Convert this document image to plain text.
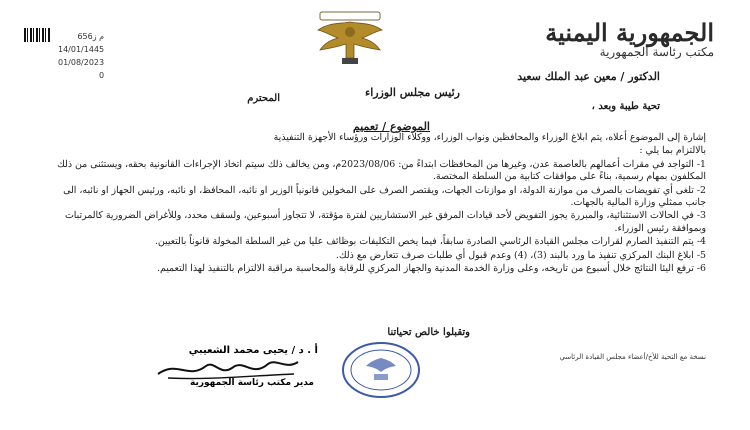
656م ز
14/01/1445
01/08/2023
0
الجمهورية اليمنية
مكتب رئاسة الجمهورية
الدكتور / معين عبد الملك سعيد
رئيس مجلس الوزراء
المحترم
تحية طيبة وبعد ،
الموضوع / تعميم

إشارة إلى الموضوع أعلاه، يتم ابلاغ الوزراء والمحافظين ونواب الوزراء، ووكلاء الوزارات ورؤساء الأجهزة التنفيذية

بالالتزام بما يلي :

1- التواجد في مقرات أعمالهم بالعاصمة عدن، وغيرها من المحافظات ابتداءً من: 2023/08/06م، ومن يخالف ذلك سيتم اتخاذ الإجراءات القانونية بحقه، ويستثنى من ذلك المكلفون بمهام رسمية، بناءً على موافقات كتابية من السلطة المختصة.

2- تلغى أي تفويضات بالصرف من موازنة الدولة، او موازنات الجهات، ويقتصر الصرف على المخولين قانونياً الوزير او نائبه، المحافظ، او نائبه، ورئيس الجهاز او نائبه، الى جانب ممثلي وزارة المالية بالجهات.

3- في الحالات الاستثنائية، والمبررة يجوز التفويض لأحد قيادات المرفق غير الاستشاريين لفترة مؤقتة، لا تتجاوز أسبوعين، ولسقف محدد، وللأغراض الضرورية كالمرتبات وبموافقة رئيس الوزراء.

4- يتم التنفيذ الصارم لقرارات مجلس القيادة الرئاسي الصادرة سابقاً، فيما يخص التكليفات بوظائف عليا من غير السلطة المخولة قانوناً بالتعيين.

5- ابلاغ البنك المركزي تنفيذ ما ورد بالبند (3)، (4) وعدم قبول أي طلبات صرف تتعارض مع ذلك.

6- ترفع اليئا النتائج خلال أسبوع من تاريخه، وعلى وزارة الخدمة المدنية والجهاز المركزي للرقابة والمحاسبة مراقبة الالتزام بالتنفيذ لهذا التعميم.

وتقبلوا خالص تحياتنا
أ . د / يحيى محمد الشعيبي
مدير مكتب رئاسة الجمهورية
نسخة مع التحية للأخ/أعضاء مجلس القيادة الرئاسي
